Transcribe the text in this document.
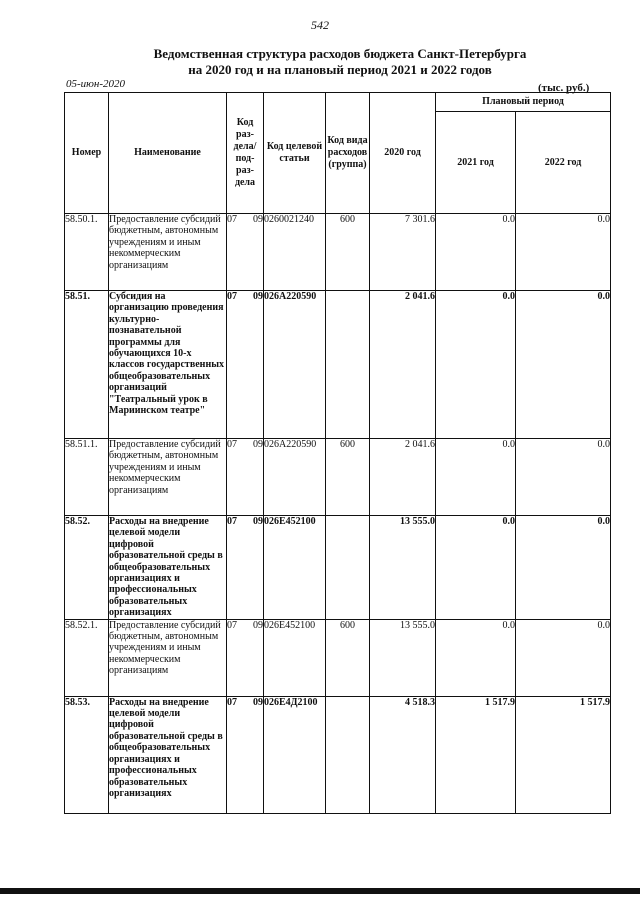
542
Ведомственная структура расходов бюджета Санкт-Петербурга
на 2020 год и на плановый период 2021 и 2022 годов
05-июн-2020	(тыс. руб.)
Номер	Наименование	Код раз-дела/ под-раз-дела	Код целевой статьи	Код вида расходов (группа)	2020 год	Плановый период	
						2021 год	2022 год
58.50.1.	Предоставление субсидий бюджетным, автономным учреждениям и иным некоммерческим организациям	07 09	0260021240	600	7 301.6	0.0	0.0
58.51.	Субсидия на организацию проведения культурно-познавательной программы для обучающихся 10-х классов государственных общеобразовательных организаций "Театральный урок в Мариинском театре"	07 09	026А220590		2 041.6	0.0	0.0
58.51.1.	Предоставление субсидий бюджетным, автономным учреждениям и иным некоммерческим организациям	07 09	026А220590	600	2 041.6	0.0	0.0
58.52.	Расходы на внедрение целевой модели цифровой образовательной среды в общеобразовательных организациях и профессиональных образовательных организациях	07 09	026Е452100		13 555.0	0.0	0.0
58.52.1.	Предоставление субсидий бюджетным, автономным учреждениям и иным некоммерческим организациям	07 09	026Е452100	600	13 555.0	0.0	0.0
58.53.	Расходы на внедрение целевой модели цифровой образовательной среды в общеобразовательных организациях и профессиональных образовательных организациях	07 09	026Е4Д2100		4 518.3	1 517.9	1 517.9
